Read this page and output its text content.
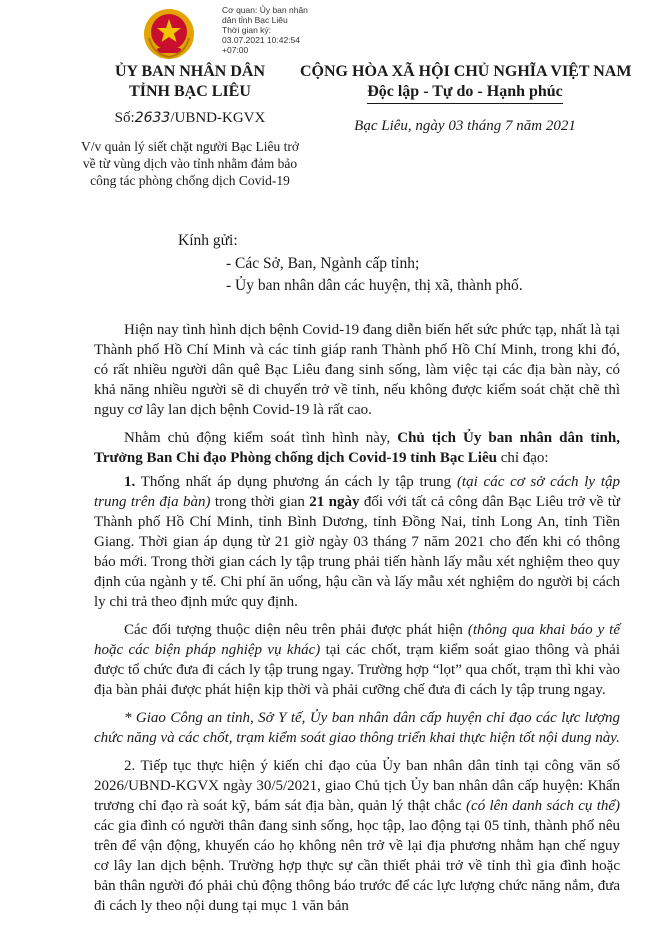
Cơ quan: Ủy ban nhân dân tỉnh Bạc Liêu
Thời gian ký:
03.07.2021 10:42:54 +07:00
ỦY BAN NHÂN DÂN
TỈNH BẠC LIÊU
Số:2633/UBND-KGVX
V/v quản lý siết chặt người Bạc Liêu trở về từ vùng dịch vào tỉnh nhằm đảm bảo công tác phòng chống dịch Covid-19
CỘNG HÒA XÃ HỘI CHỦ NGHĨA VIỆT NAM
Độc lập - Tự do - Hạnh phúc
Bạc Liêu, ngày 03 tháng 7 năm 2021
Kính gửi:
- Các Sở, Ban, Ngành cấp tỉnh;
- Ủy ban nhân dân các huyện, thị xã, thành phố.

Hiện nay tình hình dịch bệnh Covid-19 đang diễn biến hết sức phức tạp, nhất là tại Thành phố Hồ Chí Minh và các tỉnh giáp ranh Thành phố Hồ Chí Minh, trong khi đó, có rất nhiều người dân quê Bạc Liêu đang sinh sống, làm việc tại các địa bàn này, có khả năng nhiều người sẽ di chuyển trở về tỉnh, nếu không được kiểm soát chặt chẽ thì nguy cơ lây lan dịch bệnh Covid-19 là rất cao.

Nhằm chủ động kiểm soát tình hình này, Chủ tịch Ủy ban nhân dân tỉnh, Trưởng Ban Chỉ đạo Phòng chống dịch Covid-19 tỉnh Bạc Liêu chỉ đạo:

1. Thống nhất áp dụng phương án cách ly tập trung (tại các cơ sở cách ly tập trung trên địa bàn) trong thời gian 21 ngày đối với tất cả công dân Bạc Liêu trở về từ Thành phố Hồ Chí Minh, tỉnh Bình Dương, tỉnh Đồng Nai, tỉnh Long An, tỉnh Tiền Giang. Thời gian áp dụng từ 21 giờ ngày 03 tháng 7 năm 2021 cho đến khi có thông báo mới. Trong thời gian cách ly tập trung phải tiến hành lấy mẫu xét nghiệm theo quy định của ngành y tế. Chi phí ăn uống, hậu cần và lấy mẫu xét nghiệm do người bị cách ly chi trả theo định mức quy định.

Các đối tượng thuộc diện nêu trên phải được phát hiện (thông qua khai báo y tế hoặc các biện pháp nghiệp vụ khác) tại các chốt, trạm kiểm soát giao thông và phải được tổ chức đưa đi cách ly tập trung ngay. Trường hợp “lọt” qua chốt, trạm thì khi vào địa bàn phải được phát hiện kịp thời và phải cưỡng chế đưa đi cách ly tập trung ngay.

* Giao Công an tỉnh, Sở Y tế, Ủy ban nhân dân cấp huyện chỉ đạo các lực lượng chức năng và các chốt, trạm kiểm soát giao thông triển khai thực hiện tốt nội dung này.

2. Tiếp tục thực hiện ý kiến chỉ đạo của Ủy ban nhân dân tỉnh tại công văn số 2026/UBND-KGVX ngày 30/5/2021, giao Chủ tịch Ủy ban nhân dân cấp huyện: Khẩn trương chỉ đạo rà soát kỹ, bám sát địa bàn, quản lý thật chắc (có lên danh sách cụ thể) các gia đình có người thân đang sinh sống, học tập, lao động tại 05 tỉnh, thành phố nêu trên để vận động, khuyến cáo họ không nên trở về lại địa phương nhằm hạn chế nguy cơ lây lan dịch bệnh. Trường hợp thực sự cần thiết phải trở về tỉnh thì gia đình hoặc bản thân người đó phải chủ động thông báo trước để các lực lượng chức năng nắm, đưa đi cách ly theo nội dung tại mục 1 văn bản
